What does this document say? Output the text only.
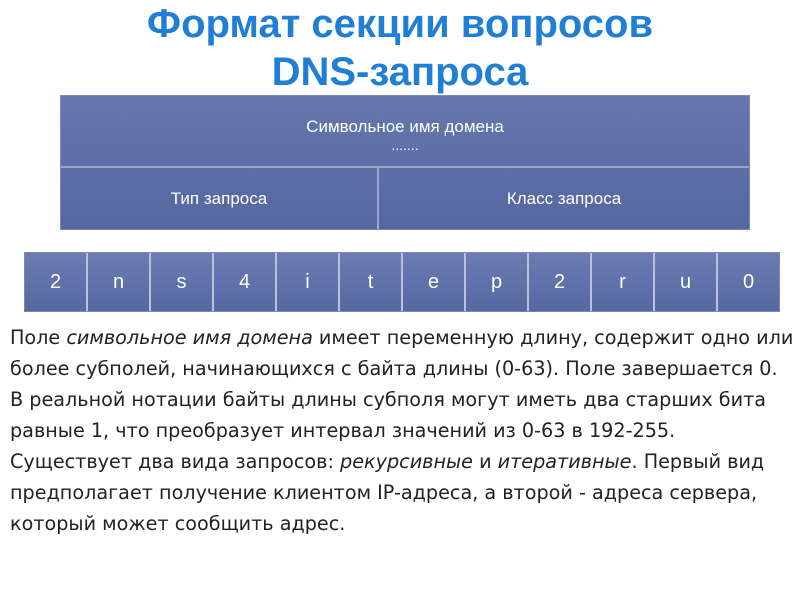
Формат секции вопросов
DNS-запроса
Символьное имя домена
.......
Тип запроса	Класс запроса
2	n	s	4	i	t	e	p	2	r	u	0

Поле символьное имя домена имеет переменную длину, содержит одно или более субполей, начинающихся с байта длины (0-63). Поле завершается 0. В реальной нотации байты длины субполя могут иметь два старших бита равные 1, что преобразует интервал значений из 0-63 в 192-255.
Существует два вида запросов: рекурсивные и итеративные. Первый вид предполагает получение клиентом IP-адреса, а второй - адреса сервера, который может сообщить адрес.
